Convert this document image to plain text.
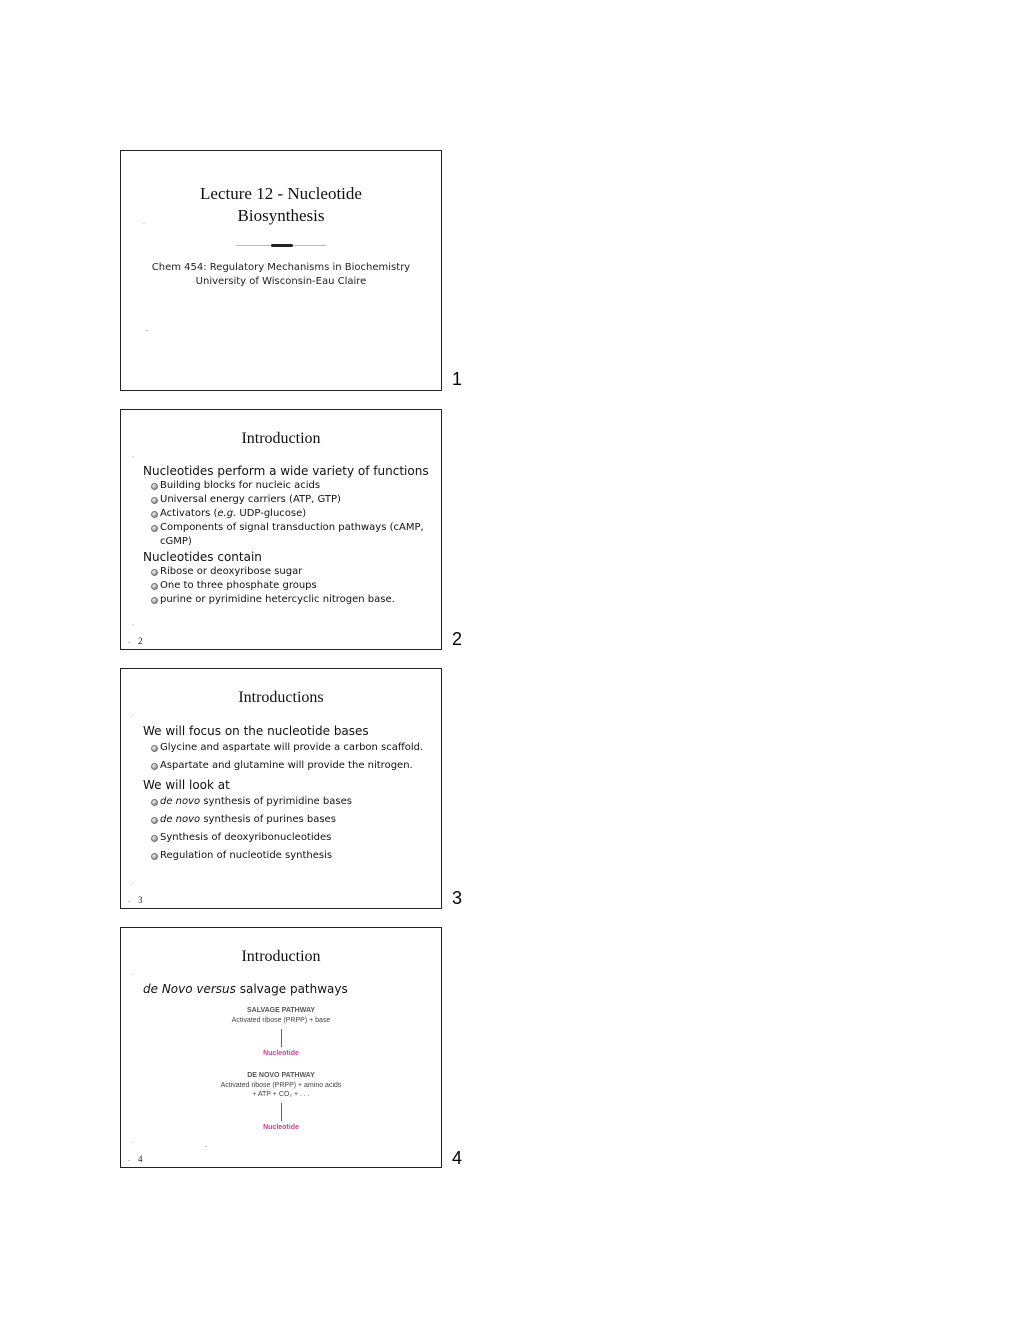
Lecture 12 - Nucleotide
Biosynthesis
·
Chem 454: Regulatory Mechanisms in Biochemistry
University of Wisconsin-Eau Claire
-
1
Introduction
·
Nucleotides perform a wide variety of functions
Building blocks for nucleic acids
Universal energy carriers (ATP, GTP)
Activators (e.g. UDP-glucose)
Components of signal transduction pathways (cAMP, cGMP)
Nucleotides contain
Ribose or deoxyribose sugar
One to three phosphate groups
purine or pyrimidine hetercyclic nitrogen base.
·
- 2	2
Introductions
·
We will focus on the nucleotide bases
Glycine and aspartate will provide a carbon scaffold.
Aspartate and glutamine will provide the nitrogen.
We will look at
de novo synthesis of pyrimidine bases
de novo synthesis of purines bases
Synthesis of deoxyribonucleotides
Regulation of nucleotide synthesis
·
- 3	3
Introduction
·
de Novo versus salvage pathways
SALVAGE PATHWAY
Activated ribose (PRPP) + base
Nucleotide
DE NOVO PATHWAY
Activated ribose (PRPP) + amino acids
+ ATP + CO₂ + . . .
Nucleotide
·	-
- 4	4
